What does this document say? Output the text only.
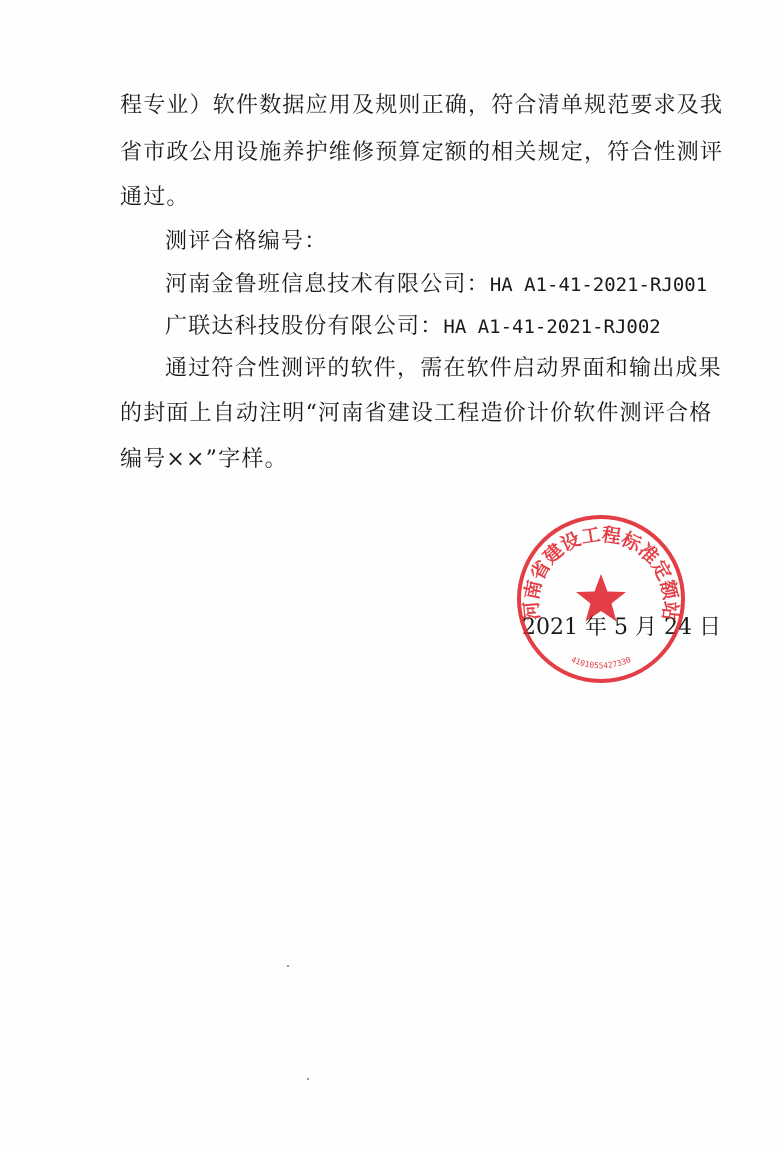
程专业）软件数据应用及规则正确，符合清单规范要求及我
省市政公用设施养护维修预算定额的相关规定，符合性测评
通过。
测评合格编号：
河南金鲁班信息技术有限公司：HA A1-41-2021-RJ001
广联达科技股份有限公司：HA A1-41-2021-RJ002
通过符合性测评的软件，需在软件启动界面和输出成果
的封面上自动注明“河南省建设工程造价计价软件测评合格
编号××”字样。
2021 年 5 月 24 日
河南省建设工程标准定额站
4101055427330
